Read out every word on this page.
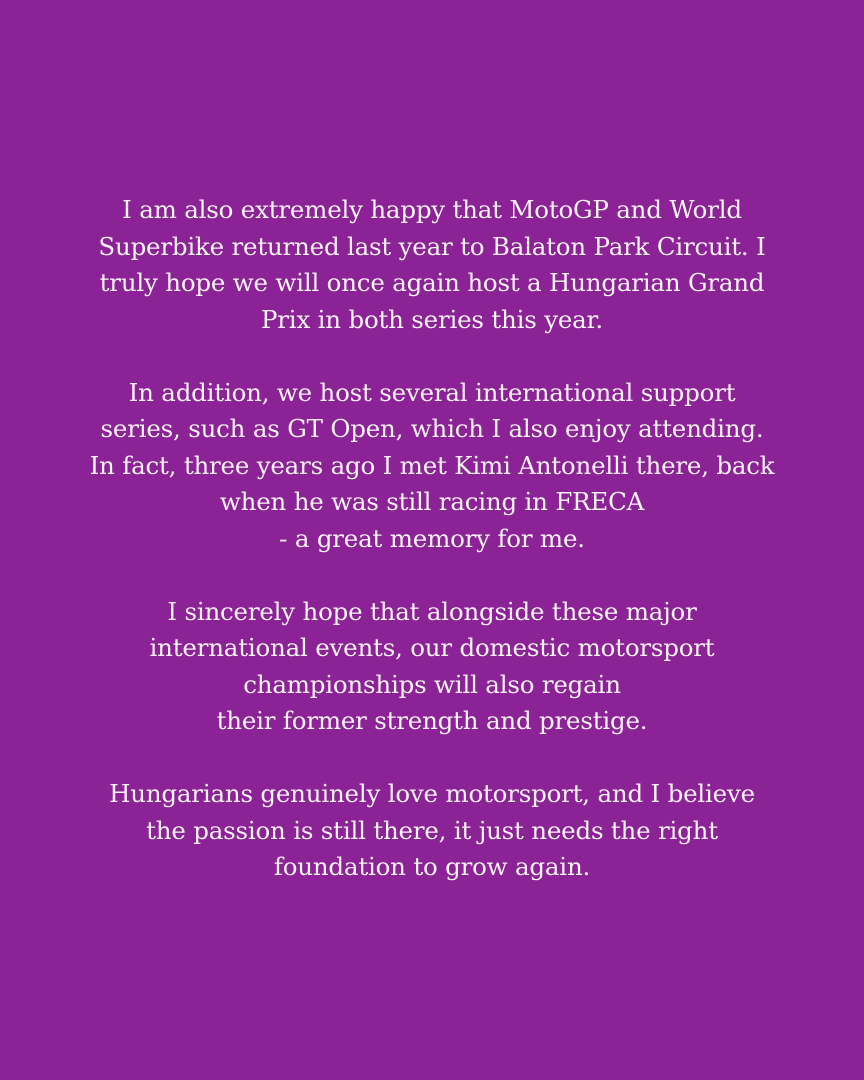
I am also extremely happy that MotoGP and World
Superbike returned last year to Balaton Park Circuit. I
truly hope we will once again host a Hungarian Grand
Prix in both series this year.

In addition, we host several international support
series, such as GT Open, which I also enjoy attending.
In fact, three years ago I met Kimi Antonelli there, back
when he was still racing in FRECA
- a great memory for me.

I sincerely hope that alongside these major
international events, our domestic motorsport
championships will also regain
their former strength and prestige.

Hungarians genuinely love motorsport, and I believe
the passion is still there, it just needs the right
foundation to grow again.
